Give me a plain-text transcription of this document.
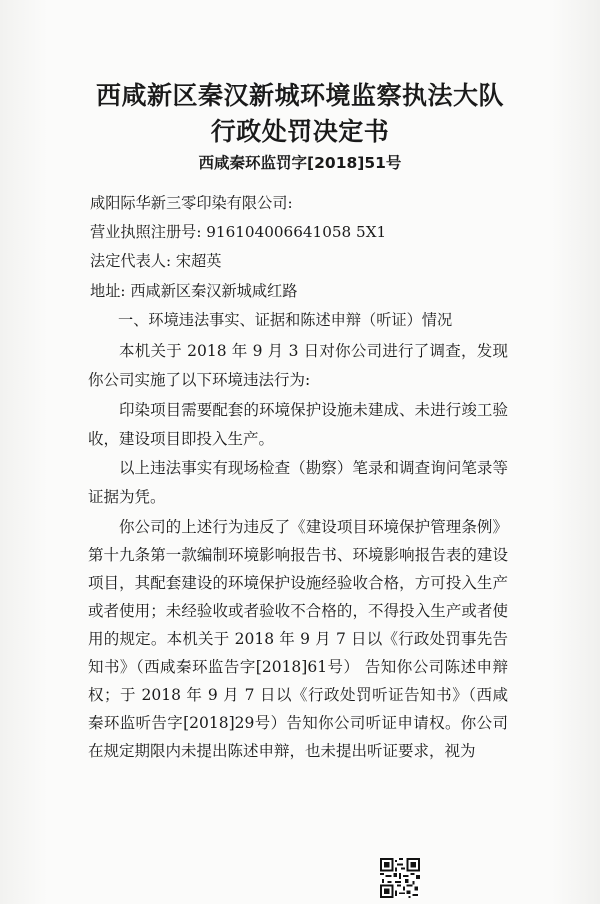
西咸新区秦汉新城环境监察执法大队
行政处罚决定书
西咸秦环监罚字[2018]51号
咸阳际华新三零印染有限公司:
营业执照注册号: 916104006641058 5X1
法定代表人: 宋超英
地址: 西咸新区秦汉新城咸红路
一、环境违法事实、证据和陈述申辩（听证）情况
本机关于 2018 年 9 月 3 日对你公司进行了调查，发现你公司实施了以下环境违法行为:
印染项目需要配套的环境保护设施未建成、未进行竣工验收，建设项目即投入生产。
以上违法事实有现场检查（勘察）笔录和调查询问笔录等证据为凭。
你公司的上述行为违反了《建设项目环境保护管理条例》第十九条第一款编制环境影响报告书、环境影响报告表的建设项目，其配套建设的环境保护设施经验收合格，方可投入生产或者使用；未经验收或者验收不合格的，不得投入生产或者使用的规定。本机关于 2018 年 9 月 7 日以《行政处罚事先告知书》（西咸秦环监告字[2018]61号） 告知你公司陈述申辩权；于 2018 年 9 月 7 日以《行政处罚听证告知书》（西咸秦环监听告字[2018]29号）告知你公司听证申请权。你公司在规定期限内未提出陈述申辩，也未提出听证要求，视为
